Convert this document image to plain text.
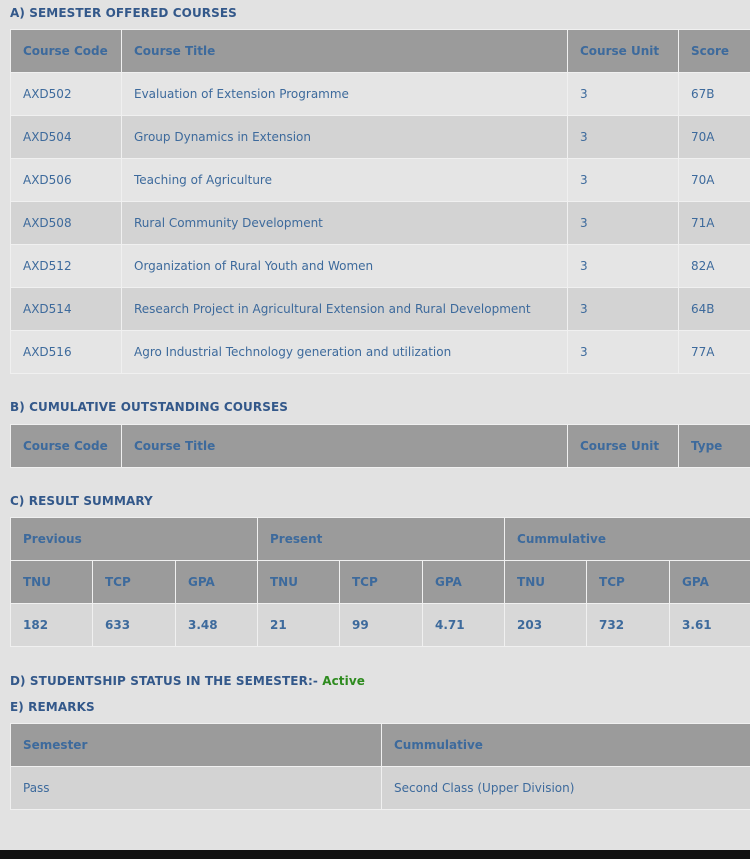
A) SEMESTER OFFERED COURSES
Course Code	Course Title	Course Unit	Score
AXD502	Evaluation of Extension Programme	3	67B
AXD504	Group Dynamics in Extension	3	70A
AXD506	Teaching of Agriculture	3	70A
AXD508	Rural Community Development	3	71A
AXD512	Organization of Rural Youth and Women	3	82A
AXD514	Research Project in Agricultural Extension and Rural Development	3	64B
AXD516	Agro Industrial Technology generation and utilization	3	77A
B) CUMULATIVE OUTSTANDING COURSES
Course Code	Course Title	Course Unit	Type
C) RESULT SUMMARY
Previous			Present			Cummulative		
TNU	TCP	GPA	TNU	TCP	GPA	TNU	TCP	GPA
182	633	3.48	21	99	4.71	203	732	3.61
D) STUDENTSHIP STATUS IN THE SEMESTER:- Active
E) REMARKS
Semester	Cummulative
Pass	Second Class (Upper Division)
